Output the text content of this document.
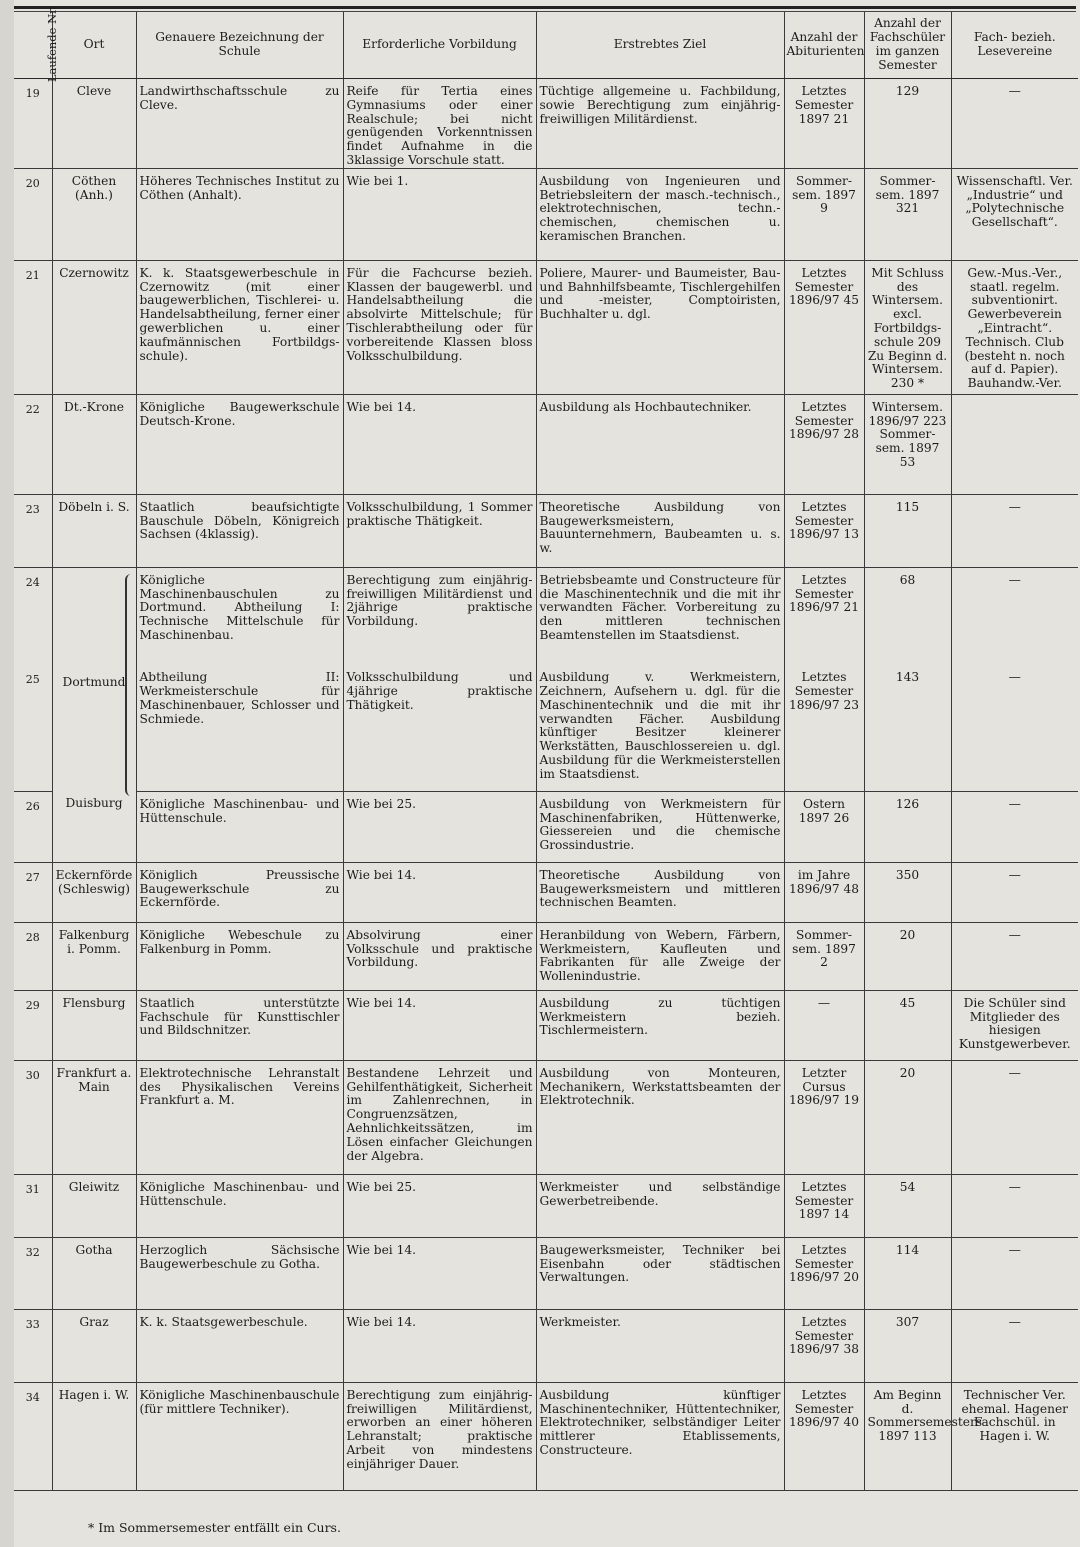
Laufende Nr.	Ort	Genauere Bezeichnung der Schule	Erforderliche Vorbildung	Erstrebtes Ziel	Anzahl der Abiturienten	Anzahl der Fachschüler im ganzen Semester	Fach- bezieh. Lesevereine
19	Cleve	Landwirthschaftsschule zu Cleve.	Reife für Tertia eines Gymnasiums oder einer Realschule; bei nicht genügenden Vorkenntnissen findet Aufnahme in die 3klassige Vorschule statt.	Tüchtige allgemeine u. Fachbildung, sowie Berechtigung zum einjährig-freiwilligen Militärdienst.	Letztes Semester 1897 21	129	—
20	Cöthen (Anh.)	Höheres Technisches Institut zu Cöthen (Anhalt).	Wie bei 1.	Ausbildung von Ingenieuren und Betriebsleitern der masch.-technisch., elektrotechnischen, techn.-chemischen, chemischen u. keramischen Branchen.	Sommer-sem. 1897 9	Sommer-sem. 1897 321	Wissenschaftl. Ver. „Industrie“ und „Polytechnische Gesellschaft“.
21	Czernowitz	K. k. Staatsgewerbeschule in Czernowitz (mit einer baugewerblichen, Tischlerei- u. Handelsabtheilung, ferner einer gewerblichen u. einer kaufmännischen Fortbildgs-schule).	Für die Fachcurse bezieh. Klassen der baugewerbl. und Handelsabtheilung die absolvirte Mittelschule; für Tischlerabtheilung oder für vorbereitende Klassen bloss Volksschulbildung.	Poliere, Maurer- und Baumeister, Bau- und Bahnhilfsbeamte, Tischlergehilfen und -meister, Comptoiristen, Buchhalter u. dgl.	Letztes Semester 1896/97 45	Mit Schluss des Wintersem. excl. Fortbildgs-schule 209 Zu Beginn d. Wintersem. 230 *	Gew.-Mus.-Ver., staatl. regelm. subventionirt. Gewerbeverein „Eintracht“. Technisch. Club (besteht n. noch auf d. Papier). Bauhandw.-Ver.
22	Dt.-Krone	Königliche Baugewerkschule Deutsch-Krone.	Wie bei 14.	Ausbildung als Hochbautechniker.	Letztes Semester 1896/97 28	Wintersem. 1896/97 223 Sommer-sem. 1897 53	
23	Döbeln i. S.	Staatlich beaufsichtigte Bauschule Döbeln, Königreich Sachsen (4klassig).	Volksschulbildung, 1 Sommer praktische Thätigkeit.	Theoretische Ausbildung von Baugewerksmeistern, Bauunternehmern, Baubeamten u. s. w.	Letztes Semester 1896/97 13	115	—
24	Dortmund	Königliche Maschinenbauschulen zu Dortmund. Abtheilung I: Technische Mittelschule für Maschinenbau.	Berechtigung zum einjährig-freiwilligen Militärdienst und 2jährige praktische Vorbildung.	Betriebsbeamte und Constructeure für die Maschinentechnik und die mit ihr verwandten Fächer. Vorbereitung zu den mittleren technischen Beamtenstellen im Staatsdienst.	Letztes Semester 1896/97 21	68	—
25		Abtheilung II: Werkmeisterschule für Maschinenbauer, Schlosser und Schmiede.	Volksschulbildung und 4jährige praktische Thätigkeit.	Ausbildung v. Werkmeistern, Zeichnern, Aufsehern u. dgl. für die Maschinentechnik und die mit ihr verwandten Fächer. Ausbildung künftiger Besitzer kleinerer Werkstätten, Bauschlossereien u. dgl. Ausbildung für die Werkmeisterstellen im Staatsdienst.	Letztes Semester 1896/97 23	143	—
26	Duisburg	Königliche Maschinenbau- und Hüttenschule.	Wie bei 25.	Ausbildung von Werkmeistern für Maschinenfabriken, Hüttenwerke, Giessereien und die chemische Grossindustrie.	Ostern 1897 26	126	—
27	Eckernförde (Schleswig)	Königlich Preussische Baugewerkschule zu Eckernförde.	Wie bei 14.	Theoretische Ausbildung von Baugewerksmeistern und mittleren technischen Beamten.	im Jahre 1896/97 48	350	—
28	Falkenburg i. Pomm.	Königliche Webeschule zu Falkenburg in Pomm.	Absolvirung einer Volksschule und praktische Vorbildung.	Heranbildung von Webern, Färbern, Werkmeistern, Kaufleuten und Fabrikanten für alle Zweige der Wollenindustrie.	Sommer-sem. 1897 2	20	—
29	Flensburg	Staatlich unterstützte Fachschule für Kunsttischler und Bildschnitzer.	Wie bei 14.	Ausbildung zu tüchtigen Werkmeistern bezieh. Tischlermeistern.	—	45	Die Schüler sind Mitglieder des hiesigen Kunstgewerbever.
30	Frankfurt a. Main	Elektrotechnische Lehranstalt des Physikalischen Vereins Frankfurt a. M.	Bestandene Lehrzeit und Gehilfenthätigkeit, Sicherheit im Zahlenrechnen, in Congruenzsätzen, Aehnlichkeitssätzen, im Lösen einfacher Gleichungen der Algebra.	Ausbildung von Monteuren, Mechanikern, Werkstattsbeamten der Elektrotechnik.	Letzter Cursus 1896/97 19	20	—
31	Gleiwitz	Königliche Maschinenbau- und Hüttenschule.	Wie bei 25.	Werkmeister und selbständige Gewerbetreibende.	Letztes Semester 1897 14	54	—
32	Gotha	Herzoglich Sächsische Baugewerbeschule zu Gotha.	Wie bei 14.	Baugewerksmeister, Techniker bei Eisenbahn oder städtischen Verwaltungen.	Letztes Semester 1896/97 20	114	—
33	Graz	K. k. Staatsgewerbeschule.	Wie bei 14.	Werkmeister.	Letztes Semester 1896/97 38	307	—
34	Hagen i. W.	Königliche Maschinenbauschule (für mittlere Techniker).	Berechtigung zum einjährig-freiwilligen Militärdienst, erworben an einer höheren Lehranstalt; praktische Arbeit von mindestens einjähriger Dauer.	Ausbildung künftiger Maschinentechniker, Hüttentechniker, Elektrotechniker, selbständiger Leiter mittlerer Etablissements, Constructeure.	Letztes Semester 1896/97 40	Am Beginn d. Sommersemesters 1897 113	Technischer Ver. ehemal. Hagener Fachschül. in Hagen i. W.
* Im Sommersemester entfällt ein Curs.
